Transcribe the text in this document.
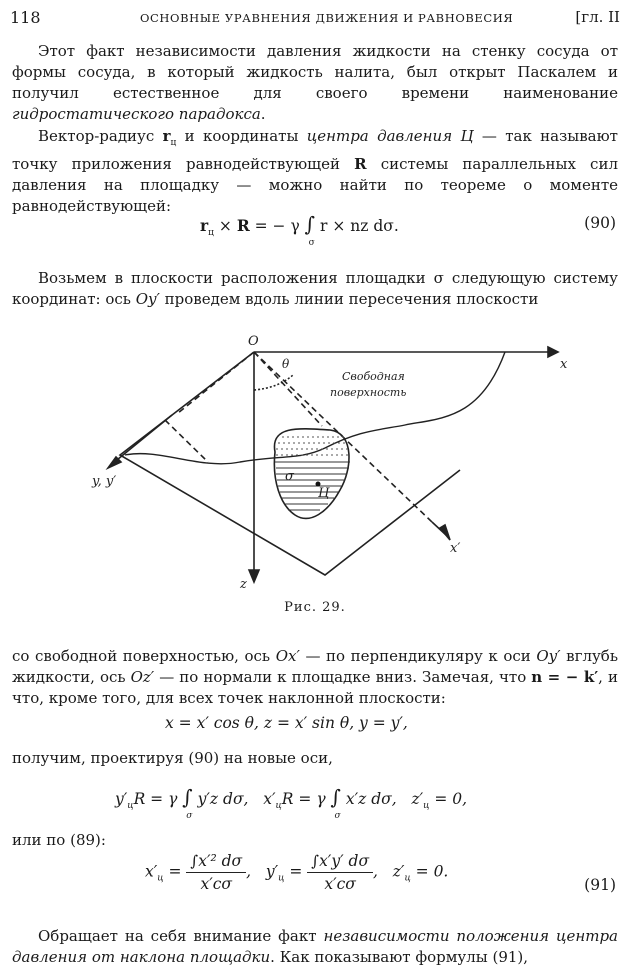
118	ОСНОВНЫЕ УРАВНЕНИЯ ДВИЖЕНИЯ И РАВНОВЕСИЯ	[гл. II

Этот факт независимости давления жидкости на стенку сосуда от формы сосуда, в который жидкость налита, был открыт Паскалем и получил естественное для своего времени наименование гидростатического парадокса.

Вектор-радиус $r_ц$ и координаты центра давления Ц — так называют точку приложения равнодействующей R системы параллельных сил давления на площадку — можно найти по теореме о моменте равнодействующей:

$r_ц \times R$ = − γ ∫
σ
r × nz dσ.	(90)

Возьмем в плоскости расположения площадки σ следующую систему координат: ось Oy′ проведем вдоль линии пересечения плоскости

O
x
θ
Свободная
поверхность
y, y′	σ
Ц
x′
z
Рис. 29.

со свободной поверхностью, ось Ox′ — по перпендикуляру к оси Oy′ вглубь жидкости, ось Oz′ — по нормали к площадке вниз. Замечая, что n = − k′, и что, кроме того, для всех точек наклонной плоскости:

x = x′ cos θ, z = x′ sin θ, y = y′,

получим, проектируя (90) на новые оси,

$y'_цR = \gamma$ ∫
σ
y′z dσ,   $x'_цR = \gamma$ ∫
σ
x′z dσ,   $z'_ц = 0$,

или по (89):

$x'_ц = \frac{\text{∫x′² dσ}}{x'c\sigma}$ ,   $y'_ц = \frac{\int x'y' d\sigma}{x'c\sigma}$ ,   $z'_ц = 0$.
(91)

Обращает на себя внимание факт независимости положения центра давления от наклона площадки. Как показывают формулы (91),
